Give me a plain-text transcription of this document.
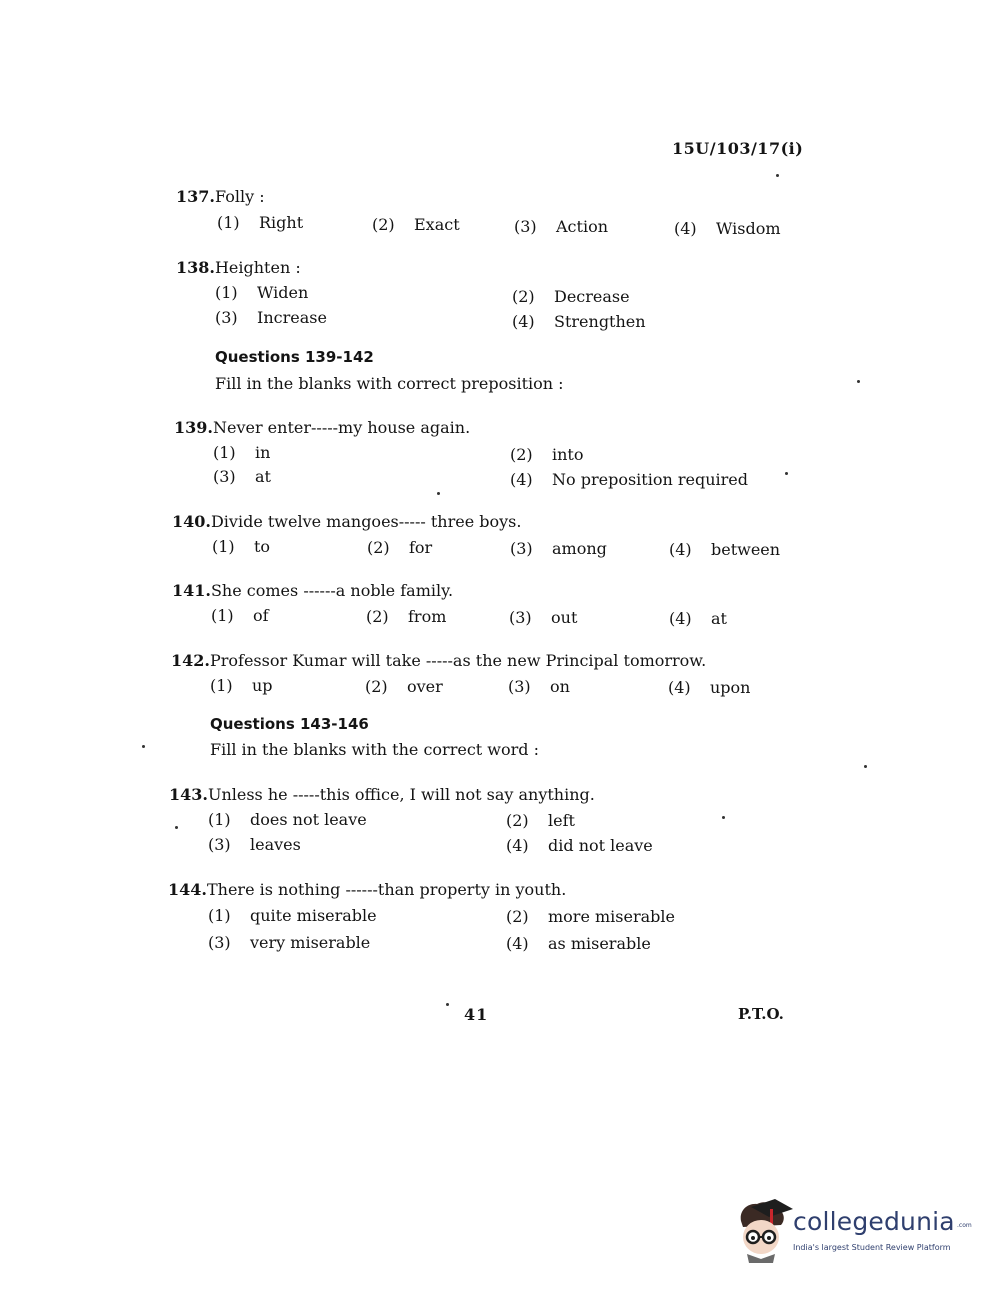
15U/103/17(i)
137.Folly :
(1) Right	(2) Exact	(3) Action	(4) Wisdom
138.Heighten :
(1) Widen	(2) Decrease
(3) Increase	(4) Strengthen
Questions 139-142
Fill in the blanks with correct preposition :
139.Never enter-----my house again.
(1) in	(2) into
(3) at	(4) No preposition required
140.Divide twelve mangoes----- three boys.
(1) to	(2) for	(3) among	(4) between
141.She comes ------a noble family.
(1) of	(2) from	(3) out	(4) at
142.Professor Kumar will take -----as the new Principal tomorrow.
(1) up	(2) over	(3) on	(4) upon
Questions 143-146
Fill in the blanks with the correct word :
143.Unless he -----this office, I will not say anything.
(1) does not leave	(2) left
(3) leaves	(4) did not leave
144.There is nothing ------than property in youth.
(1) quite miserable	(2) more miserable
(3) very miserable	(4) as miserable
41	P.T.O.
collegedunia .com
India's largest Student Review Platform
